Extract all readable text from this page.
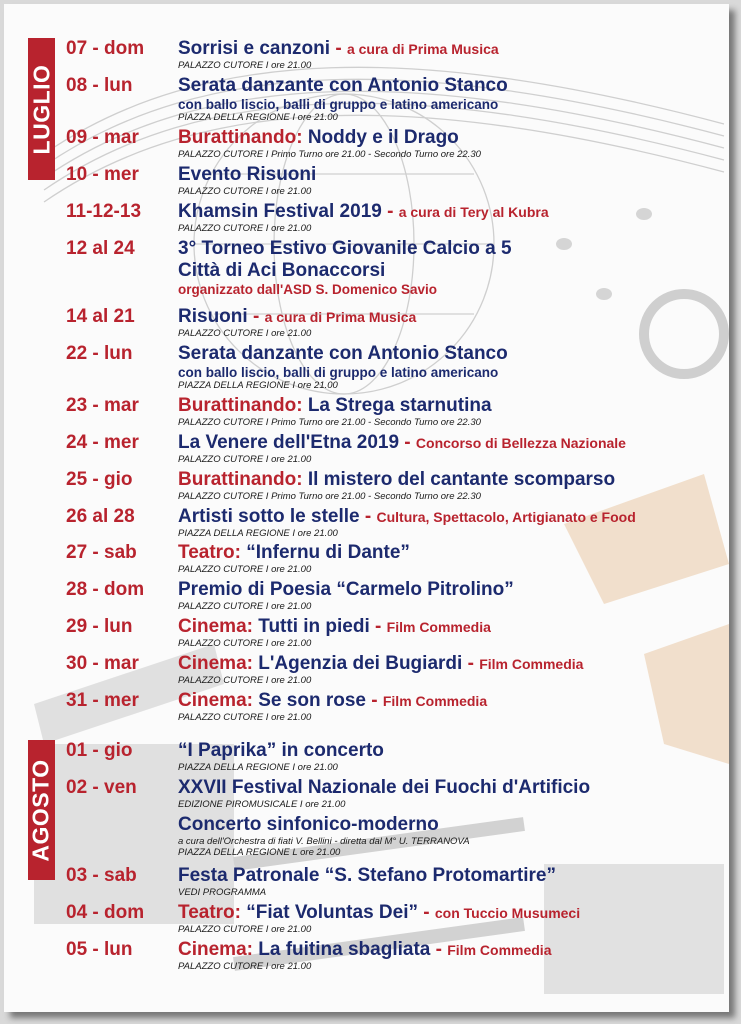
LUGLIO
AGOSTO
07 - dom Sorrisi e canzoni - a cura di Prima Musica
PALAZZO CUTORE I ore 21.00
08 - lun Serata danzante con Antonio Stanco
con ballo liscio, balli di gruppo e latino americano
PIAZZA DELLA REGIONE I ore 21.00
09 - mar Burattinando: Noddy e il Drago
PALAZZO CUTORE I Primo Turno ore 21.00 - Secondo Turno ore 22.30
10 - mer Evento Risuoni
PALAZZO CUTORE I ore 21.00
11-12-13 Khamsin Festival 2019 - a cura di Tery al Kubra
PALAZZO CUTORE I ore 21.00
12 al 24 3° Torneo Estivo Giovanile Calcio a 5
Città di Aci Bonaccorsi
organizzato dall'ASD S. Domenico Savio
14 al 21 Risuoni - a cura di Prima Musica
PALAZZO CUTORE I ore 21.00
22 - lun Serata danzante con Antonio Stanco
con ballo liscio, balli di gruppo e latino americano
PIAZZA DELLA REGIONE I ore 21.00
23 - mar Burattinando: La Strega starnutina
PALAZZO CUTORE I Primo Turno ore 21.00 - Secondo Turno ore 22.30
24 - mer La Venere dell'Etna 2019 - Concorso di Bellezza Nazionale
PALAZZO CUTORE I ore 21.00
25 - gio Burattinando: Il mistero del cantante scomparso
PALAZZO CUTORE I Primo Turno ore 21.00 - Secondo Turno ore 22.30
26 al 28 Artisti sotto le stelle - Cultura, Spettacolo, Artigianato e Food
PIAZZA DELLA REGIONE I ore 21.00
27 - sab Teatro: “Infernu di Dante”
PALAZZO CUTORE I ore 21.00
28 - dom Premio di Poesia “Carmelo Pitrolino”
PALAZZO CUTORE I ore 21.00
29 - lun Cinema: Tutti in piedi - Film Commedia
PALAZZO CUTORE I ore 21.00
30 - mar Cinema: L'Agenzia dei Bugiardi - Film Commedia
PALAZZO CUTORE I ore 21.00
31 - mer Cinema: Se son rose - Film Commedia
PALAZZO CUTORE I ore 21.00
01 - gio “I Paprika” in concerto
PIAZZA DELLA REGIONE I ore 21.00
02 - ven XXVII Festival Nazionale dei Fuochi d'Artificio
EDIZIONE PIROMUSICALE I ore 21.00
Concerto sinfonico-moderno
a cura dell'Orchestra di fiati V. Bellini - diretta dal M° U. TERRANOVA
PIAZZA DELLA REGIONE L ore 21.00
03 - sab Festa Patronale “S. Stefano Protomartire”
VEDI PROGRAMMA
04 - dom Teatro: “Fiat Voluntas Dei” - con Tuccio Musumeci
PALAZZO CUTORE I ore 21.00
05 - lun Cinema: La fuitina sbagliata - Film Commedia
PALAZZO CUTORE I ore 21.00
